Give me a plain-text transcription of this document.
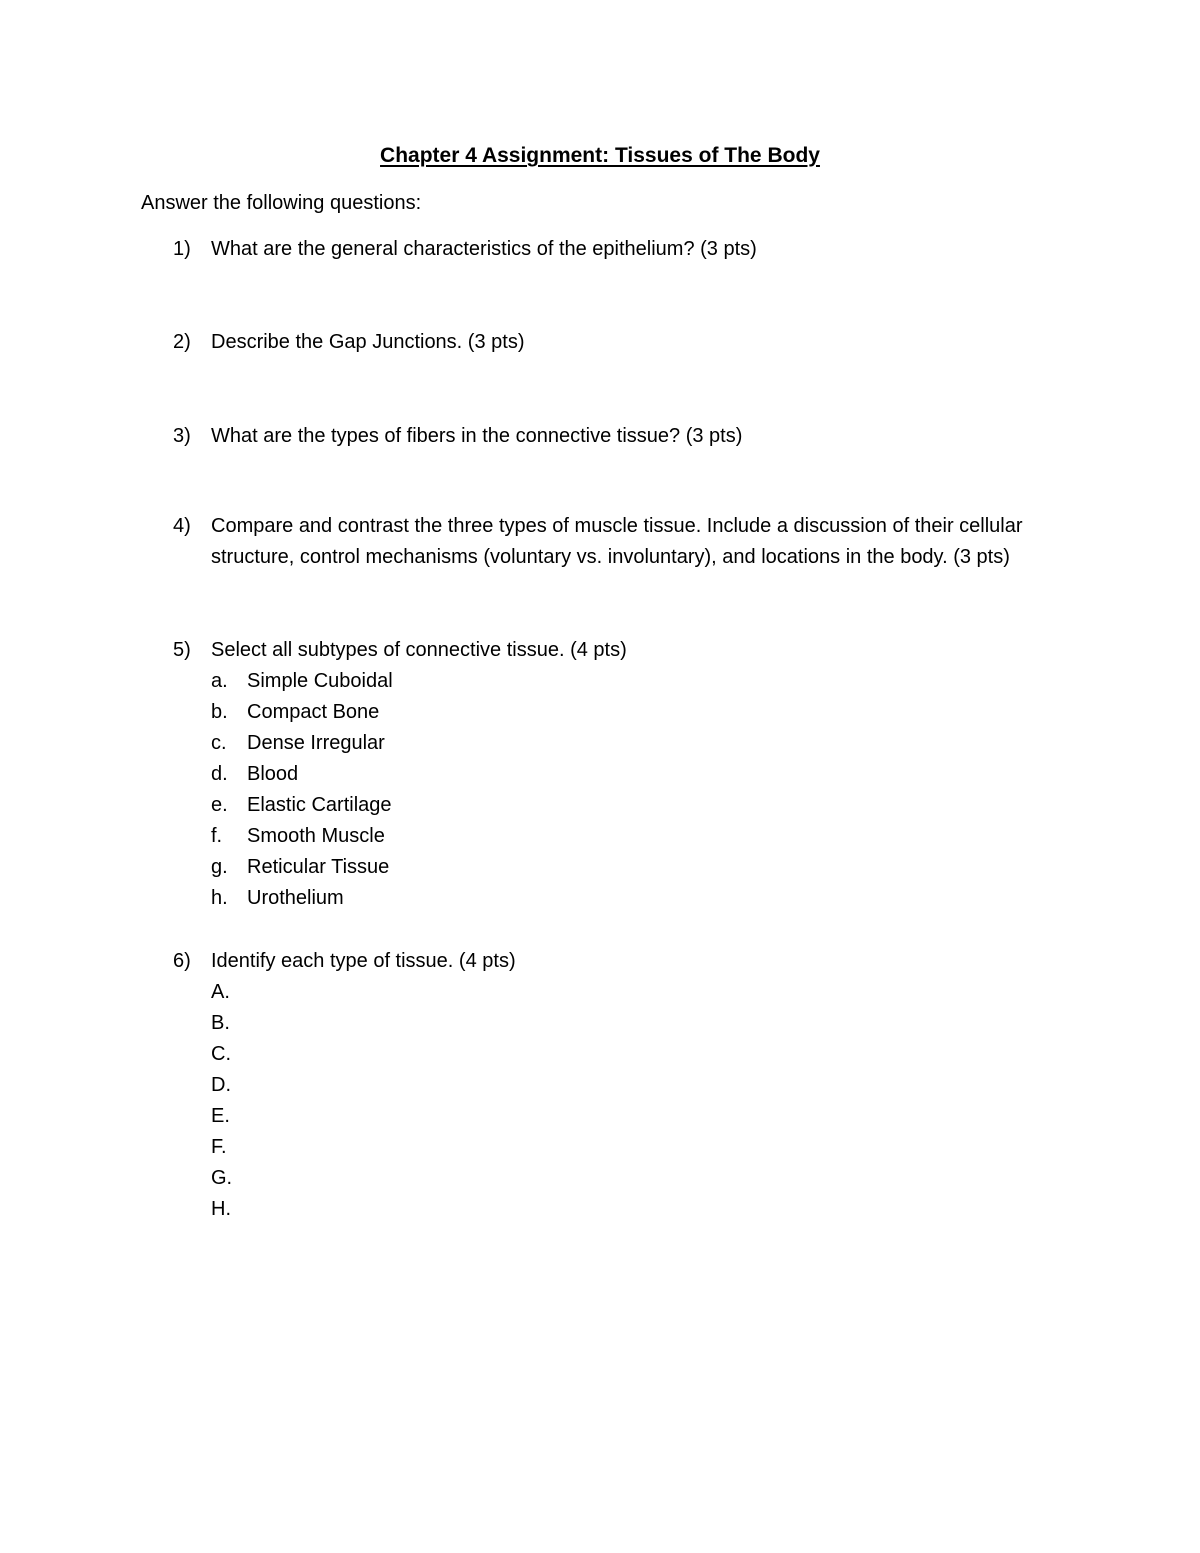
Chapter 4 Assignment: Tissues of The Body

Answer the following questions:

1)	What are the general characteristics of the epithelium? (3 pts)
2)	Describe the Gap Junctions. (3 pts)
3)	What are the types of fibers in the connective tissue? (3 pts)
4)	Compare and contrast the three types of muscle tissue. Include a discussion of their cellular structure, control mechanisms (voluntary vs. involuntary), and locations in the body. (3 pts)
5)	Select all subtypes of connective tissue. (4 pts)
a. Simple Cuboidal
b. Compact Bone
c.	Dense Irregular
d. Blood
e. Elastic Cartilage
f.	Smooth Muscle
g. Reticular Tissue
h. Urothelium
6)	Identify each type of tissue. (4 pts)
A.
B.
C.
D.
E.
F.
G.
H.
